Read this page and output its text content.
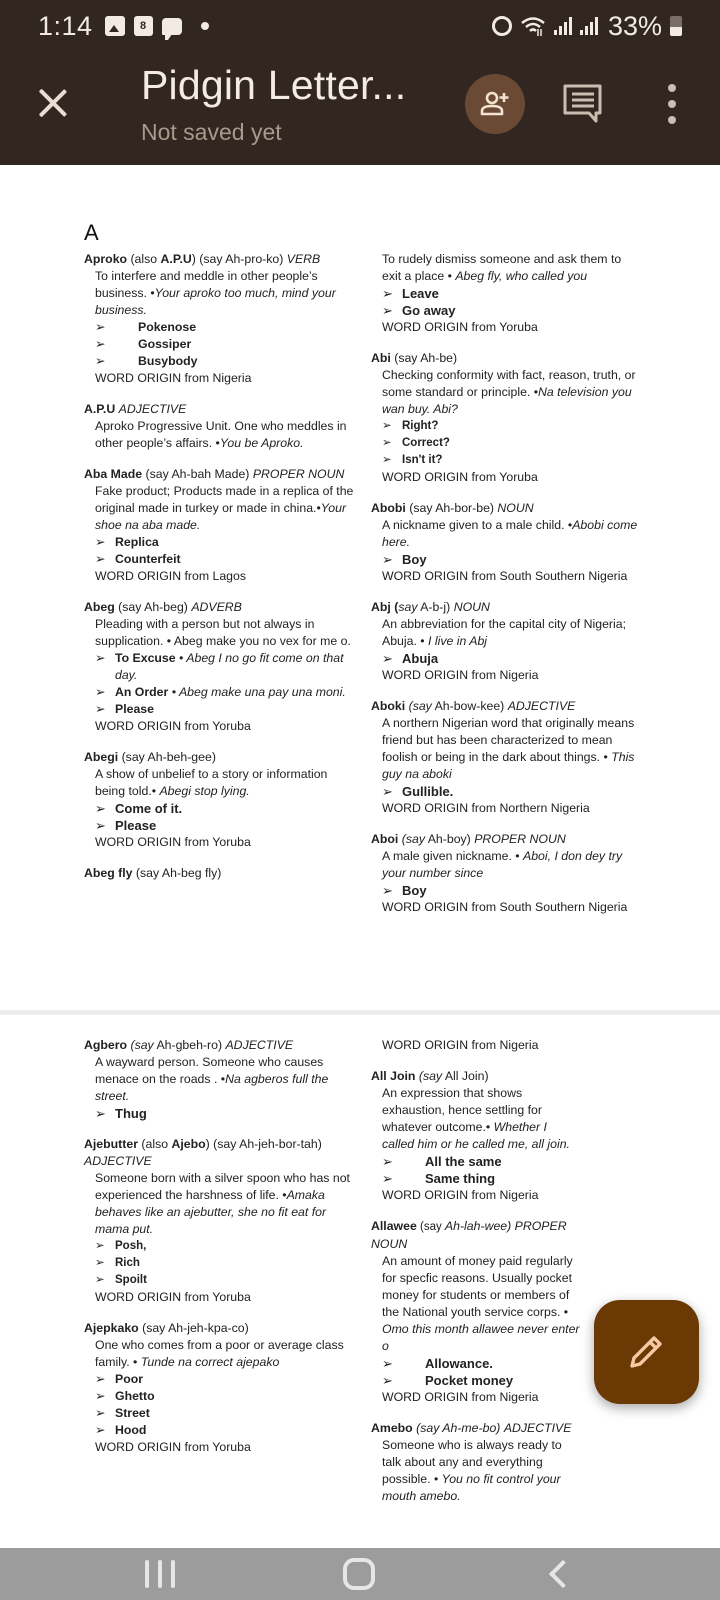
1:14	8	33%
Pidgin Letter...
Not saved yet
A
Aproko (also A.P.U) (say Ah-pro-ko) VERB
To interfere and meddle in other people’s business. •Your aproko too much, mind your business.
➢	Pokenose
➢	Gossiper
➢	Busybody
WORD ORIGIN from Nigeria
A.P.U ADJECTIVE
Aproko Progressive Unit. One who meddles in other people’s affairs. •You be Aproko.
Aba Made (say Ah-bah Made) PROPER NOUN
Fake product; Products made in a replica of the original made in turkey or made in china.•Your shoe na aba made.
➢ Replica
➢ Counterfeit
WORD ORIGIN from Lagos
Abeg (say Ah-beg) ADVERB
Pleading with a person but not always in supplication. • Abeg make you no vex for me o.
➢ To Excuse • Abeg I no go fit come on that day.
➢ An Order • Abeg make una pay una moni.
➢ Please
WORD ORIGIN from Yoruba
Abegi (say Ah-beh-gee)
A show of unbelief to a story or information being told.• Abegi stop lying.
➢ Come of it.
➢ Please
WORD ORIGIN from Yoruba
Abeg fly (say Ah-beg fly)
To rudely dismiss someone and ask them to exit a place • Abeg fly, who called you
➢ Leave
➢ Go away
WORD ORIGIN from Yoruba
Abi (say Ah-be)
Checking conformity with fact, reason, truth, or some standard or principle. •Na television you wan buy. Abi?
➢ Right?
➢ Correct?
➢ Isn't it?
WORD ORIGIN from Yoruba
Abobi (say Ah-bor-be) NOUN
A nickname given to a male child. •Abobi come here.
➢ Boy
WORD ORIGIN from South Southern Nigeria
Abj (say A-b-j) NOUN
An abbreviation for the capital city of Nigeria; Abuja. • I live in Abj
➢ Abuja
WORD ORIGIN from Nigeria
Aboki (say Ah-bow-kee) ADJECTIVE
A northern Nigerian word that originally means friend but has been characterized to mean foolish or being in the dark about things. • This guy na aboki
➢ Gullible.
WORD ORIGIN from Northern Nigeria
Aboi (say Ah-boy) PROPER NOUN
A male given nickname. • Aboi, I don dey try your number since
➢ Boy
WORD ORIGIN from South Southern Nigeria
Agbero (say Ah-gbeh-ro) ADJECTIVE
A wayward person. Someone who causes menace on the roads . •Na agberos full the street.
➢ Thug
Ajebutter (also Ajebo) (say Ah-jeh-bor-tah) ADJECTIVE
Someone born with a silver spoon who has not experienced the harshness of life. •Amaka behaves like an ajebutter, she no fit eat for mama put.
➢ Posh,
➢ Rich
➢ Spoilt
WORD ORIGIN from Yoruba
Ajepkako (say Ah-jeh-kpa-co)
One who comes from a poor or average class family. • Tunde na correct ajepako
➢ Poor
➢ Ghetto
➢ Street
➢ Hood
WORD ORIGIN from Yoruba
WORD ORIGIN from Nigeria
All Join (say All Join)
An expression that shows exhaustion, hence settling for whatever outcome.• Whether I called him or he called me, all join.
➢	All the same
➢	Same thing
WORD ORIGIN from Nigeria
Allawee (say Ah-lah-wee) PROPER NOUN
An amount of money paid regularly for specfic reasons. Usually pocket money for students or members of the National youth service corps. • Omo this month allawee never enter o
➢	Allowance.
➢	Pocket money
WORD ORIGIN from Nigeria
Amebo (say Ah-me-bo) ADJECTIVE
Someone who is always ready to talk about any and everything possible. • You no fit control your mouth amebo.
